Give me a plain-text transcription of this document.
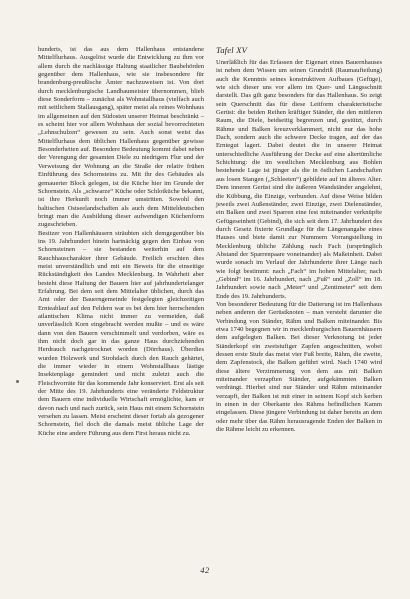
hunderts, ist das aus dem Hallenhaus entstandene Mittelflurhaus. Ausgelöst wurde die Entwicklung zu ihm vor allem durch die nachlässige Haltung staatlicher Baubehörden gegenüber dem Hallenhaus, wie sie insbesondere für brandenburg-preußische Ämter nachzuweisen ist. Von dort durch mecklenburgische Landbaumeister übernommen, blieb diese Sonderform – zunächst als Wohnstallhaus (vielfach auch mit seitlichem Stallausgang), später meist als reines Wohnhaus im allgemeinen auf den Südosten unserer Heimat beschränkt – es scheint hier vor allem Wohnhaus der sozial bevorrechteten „Lehnschulzen“ gewesen zu sein. Auch sonst weist das Mittelflurhaus dem üblichen Hallenhaus gegenüber gewisse Besonderheiten auf. Besondere Bedeutung kommt dabei neben der Verengung der gesamten Diele zu niedrigem Flur und der Verweisung der Wohnung an die Straße der relativ frühen Einführung des Schornsteins zu. Mit ihr des Gebäudes als gemauerter Block gelegen, ist die Küche hier im Grunde der Schornstein. Als „schwarze“ Küche oder Schlotküche bekannt, ist ihre Herkunft noch immer umstritten. Sowohl den baltischen Ostseelandschaften als auch dem Mitteldeutschen bringt man die Ausbildung dieser aufwendigen Küchenform zugeschrieben.

Besitzer von Hallenhäusern sträubten sich demgegenüber bis ins 19. Jahrhundert hinein hartnäckig gegen den Einbau von Schornsteinen – sie bestanden weiterhin auf dem Rauchhauscharakter ihrer Gebäude. Freilich erschien dies meist unverständlich und mit ein Beweis für die einseitige Rückständigkeit des Landes Mecklenburg. In Wahrheit aber besteht diese Haltung der Bauern hier auf jahrhundertelanger Erfahrung. Bei dem seit dem Mittelalter üblichen, durch das Amt oder der Bauerngemeinde festgelegten gleichzeitigen Ernteablauf auf den Feldern war es bei dem hier herrschenden atlantischen Klima nicht immer zu vermeiden, daß unverlässlich Korn eingebracht werden mußte – und es wäre dann von den Bauern verschimmelt und verdorben, wäre es ihm nicht doch gar in das ganze Haus durchziehenden Herdrauch nachgetrocknet worden (Dörrhaus). Überdies wurden Holzwerk und Strohdach durch den Rauch gehärtet, die immer wieder in einem Wohnstallhaus lästige Insektenplage gemindert und nicht zuletzt auch die Fleischvorräte für das kommende Jahr konserviert. Erst als seit der Mitte des 19. Jahrhunderts eine veränderte Feldstruktur dem Bauern eine individuelle Wirtschaft ermöglichte, kam er davon nach und nach zurück, sein Haus mit einem Schornstein versehen zu lassen. Meist erscheint dieser fortab als gezogener Schornstein, fiel doch die damals meist übliche Lage der Küche eine andere Führung aus dem First heraus nicht zu.

Tafel XV

Unerläßlich für das Erfassen der Eigenart eines Bauernhauses ist neben dem Wissen um seinen Grundriß (Raumaufteilung) auch die Kenntnis seines konstruktiven Aufbaues (Gefüge), wie sich dieser uns vor allem im Quer- und Längsschnitt darstellt. Das gilt ganz besonders für das Hallenhaus. So zeigt sein Querschnitt das für diese Leitform charakteristische Gerüst: die beiden Reihen kräftiger Ständer, die den mittleren Raum, die Diele, beidseitig begrenzen und, gestützt, durch Rähme und Balken kreuzverklammert, nicht nur das hohe Dach, sondern auch die schwere Decke tragen, auf der das Erntegut lagert. Dabei deutet die in unserer Heimat unterschiedliche Ausführung der Decke auf eine altertümliche Schichtung: die im westlichen Mecklenburg aus Bohlen bestehende Lage ist jünger als die in östlichen Landschaften aus losen Stangen („Schleeten“) gebildete auf im älteres Alter. Dem inneren Gerüst sind die äußeren Wandständer angelehnt, die Kübbung, die Einzige, verbunden. Auf diese Weise bilden jeweils zwei Außenständer, zwei Einzige, zwei Dielenständer, ein Balken und zwei Sparren eine fest miteinander verknüpfte Gefügeseinheit (Gebind), die sich seit dem 17. Jahrhundert des durch Gesetz fixierte Grundlage für die Längenangabe eines Hauses und biete damit zur Nummern Vorrangstellung in Mecklenburg übliche Zählung nach Fach (ursprünglich Abstand der Sparrenpaare voneinander) als Maßeinheit. Dabei wurde sonach im Verlauf der Jahrhunderte ihrer Länge nach wie folgt bestimmt: nach „Fach“ im hohen Mittelalter, nach „Gebind“ im 16. Jahrhundert, nach „Fuß“ und „Zoll“ im 18. Jahrhundert sowie nach „Meter“ und „Zentimeter“ seit dem Ende des 19. Jahrhunderts.

Von besonderer Bedeutung für die Datierung ist im Hallenhaus neben anderen der Gerüstknoten – man versteht darunter die Verbindung von Ständer, Rähm und Balken miteinander. Bis etwa 1740 begegnen wir in mecklenburgischen Bauernhäusern dem aufgelegten Balken. Bei dieser Verknotung ist jeder Ständerkopf ein zweistufiger Zapfen angeschnitten, wobei dessen erste Stufe das meist vier Fuß breite, Rähm, die zweite, dem Zapfenstock, die Balken geführt wird. Nach 1740 wird diese ältere Verzimmerung von dem aus mit Balken miteinander verzapften Ständer, aufgekämmten Balken verdrängt. Hierbei sind nur Ständer und Rähm miteinander verzapft, der Balken ist mit einer in seinem Kopf sich kerben in einen in der Oberkante des Rähms befindlichen Kamm eingelassen. Diese jüngere Verbindung ist daher bereits an dem oder mehr über das Rähm herausragende Enden der Balken in die Rähme leicht zu erkennen.

42
